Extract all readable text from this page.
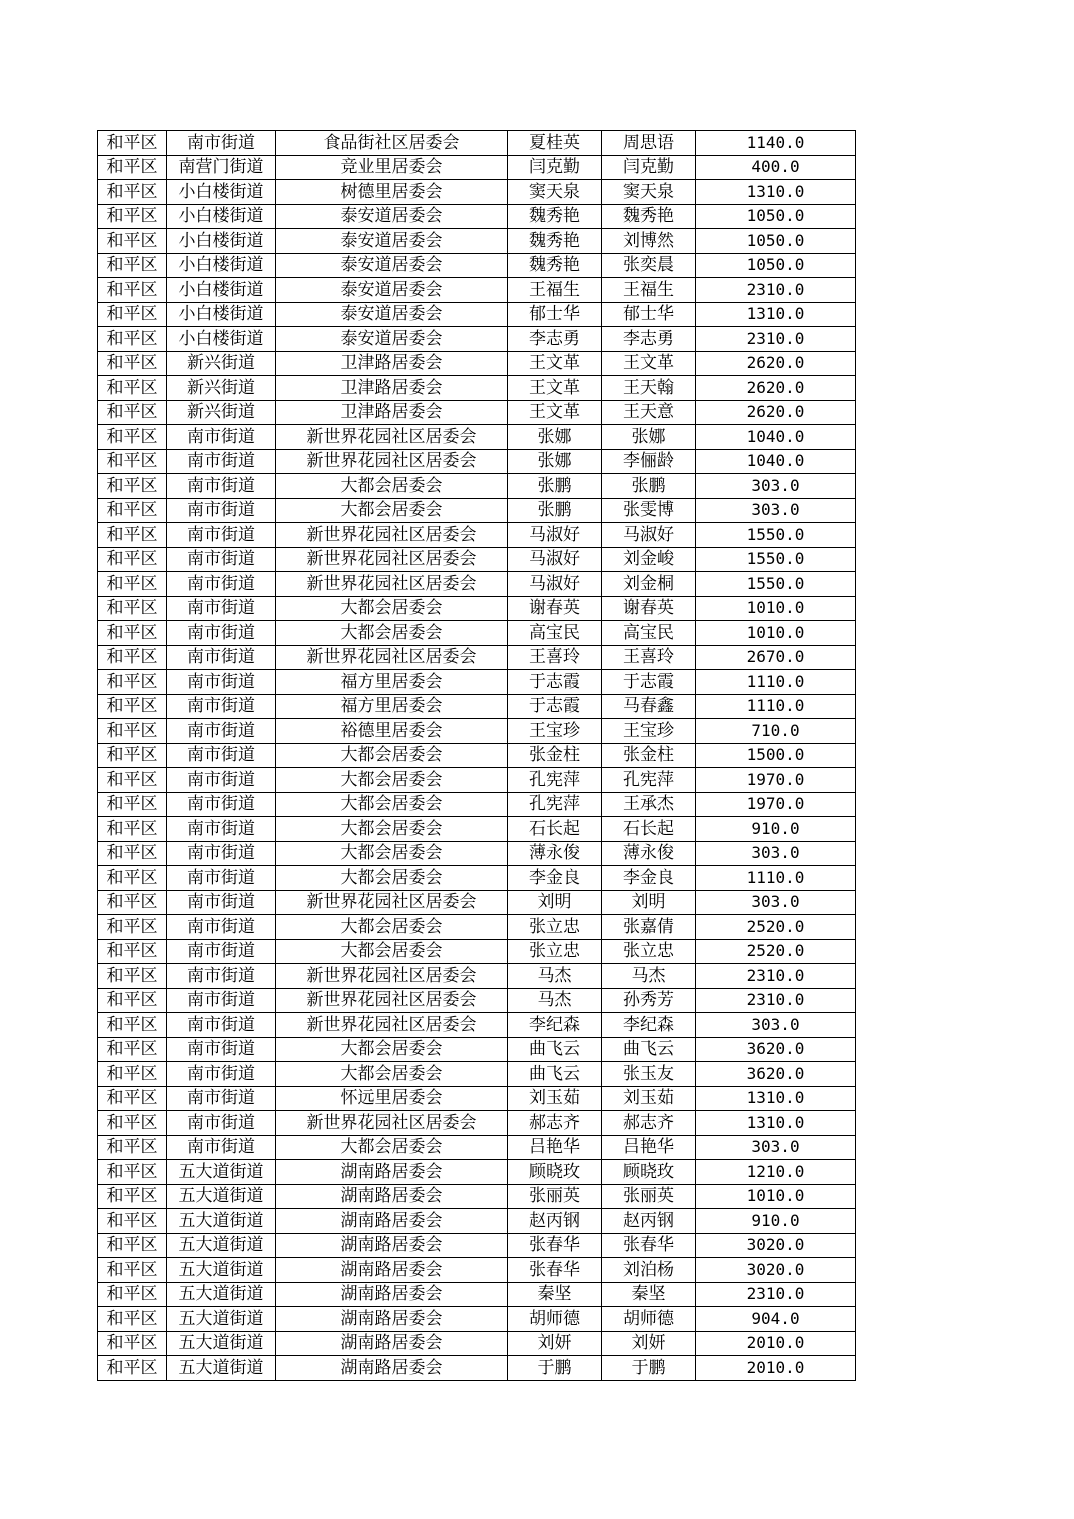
和平区	南市街道	食品街社区居委会	夏桂英	周思语	1140.0
和平区	南营门街道	竞业里居委会	闫克勤	闫克勤	400.0
和平区	小白楼街道	树德里居委会	窦天泉	窦天泉	1310.0
和平区	小白楼街道	泰安道居委会	魏秀艳	魏秀艳	1050.0
和平区	小白楼街道	泰安道居委会	魏秀艳	刘博然	1050.0
和平区	小白楼街道	泰安道居委会	魏秀艳	张奕晨	1050.0
和平区	小白楼街道	泰安道居委会	王福生	王福生	2310.0
和平区	小白楼街道	泰安道居委会	郁士华	郁士华	1310.0
和平区	小白楼街道	泰安道居委会	李志勇	李志勇	2310.0
和平区	新兴街道	卫津路居委会	王文革	王文革	2620.0
和平区	新兴街道	卫津路居委会	王文革	王天翰	2620.0
和平区	新兴街道	卫津路居委会	王文革	王天意	2620.0
和平区	南市街道	新世界花园社区居委会	张娜	张娜	1040.0
和平区	南市街道	新世界花园社区居委会	张娜	李俪龄	1040.0
和平区	南市街道	大都会居委会	张鹏	张鹏	303.0
和平区	南市街道	大都会居委会	张鹏	张雯博	303.0
和平区	南市街道	新世界花园社区居委会	马淑好	马淑好	1550.0
和平区	南市街道	新世界花园社区居委会	马淑好	刘金峻	1550.0
和平区	南市街道	新世界花园社区居委会	马淑好	刘金桐	1550.0
和平区	南市街道	大都会居委会	谢春英	谢春英	1010.0
和平区	南市街道	大都会居委会	高宝民	高宝民	1010.0
和平区	南市街道	新世界花园社区居委会	王喜玲	王喜玲	2670.0
和平区	南市街道	福方里居委会	于志霞	于志霞	1110.0
和平区	南市街道	福方里居委会	于志霞	马春鑫	1110.0
和平区	南市街道	裕德里居委会	王宝珍	王宝珍	710.0
和平区	南市街道	大都会居委会	张金柱	张金柱	1500.0
和平区	南市街道	大都会居委会	孔宪萍	孔宪萍	1970.0
和平区	南市街道	大都会居委会	孔宪萍	王承杰	1970.0
和平区	南市街道	大都会居委会	石长起	石长起	910.0
和平区	南市街道	大都会居委会	薄永俊	薄永俊	303.0
和平区	南市街道	大都会居委会	李金良	李金良	1110.0
和平区	南市街道	新世界花园社区居委会	刘明	刘明	303.0
和平区	南市街道	大都会居委会	张立忠	张嘉倩	2520.0
和平区	南市街道	大都会居委会	张立忠	张立忠	2520.0
和平区	南市街道	新世界花园社区居委会	马杰	马杰	2310.0
和平区	南市街道	新世界花园社区居委会	马杰	孙秀芳	2310.0
和平区	南市街道	新世界花园社区居委会	李纪森	李纪森	303.0
和平区	南市街道	大都会居委会	曲飞云	曲飞云	3620.0
和平区	南市街道	大都会居委会	曲飞云	张玉友	3620.0
和平区	南市街道	怀远里居委会	刘玉茹	刘玉茹	1310.0
和平区	南市街道	新世界花园社区居委会	郝志齐	郝志齐	1310.0
和平区	南市街道	大都会居委会	吕艳华	吕艳华	303.0
和平区	五大道街道	湖南路居委会	顾晓玫	顾晓玫	1210.0
和平区	五大道街道	湖南路居委会	张丽英	张丽英	1010.0
和平区	五大道街道	湖南路居委会	赵丙钢	赵丙钢	910.0
和平区	五大道街道	湖南路居委会	张春华	张春华	3020.0
和平区	五大道街道	湖南路居委会	张春华	刘泊杨	3020.0
和平区	五大道街道	湖南路居委会	秦坚	秦坚	2310.0
和平区	五大道街道	湖南路居委会	胡师德	胡师德	904.0
和平区	五大道街道	湖南路居委会	刘妍	刘妍	2010.0
和平区	五大道街道	湖南路居委会	于鹏	于鹏	2010.0
